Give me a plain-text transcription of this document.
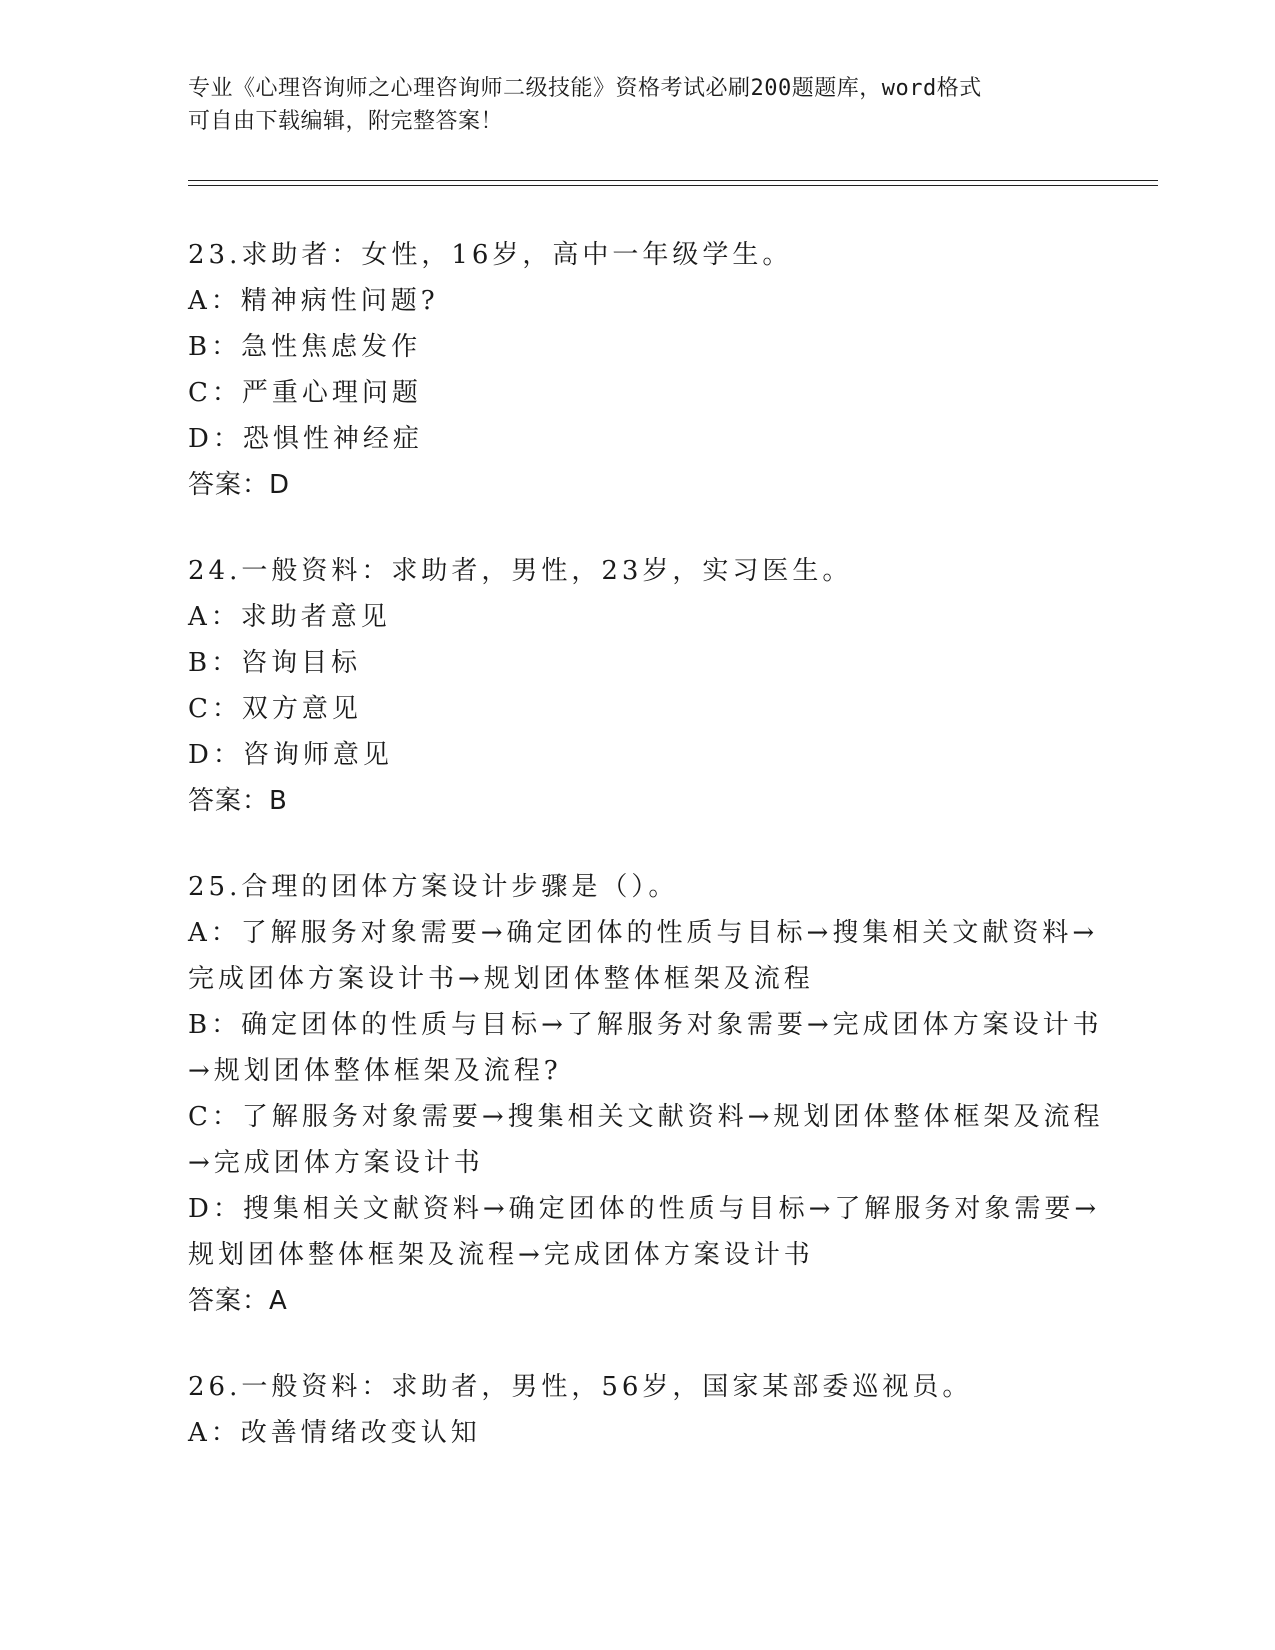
专业《心理咨询师之心理咨询师二级技能》资格考试必刷200题题库，word格式
可自由下载编辑，附完整答案！
23.求助者：女性，16岁，高中一年级学生。
A：精神病性问题?
B：急性焦虑发作
C：严重心理问题
D：恐惧性神经症
答案：D
24.一般资料：求助者，男性，23岁，实习医生。
A：求助者意见
B：咨询目标
C：双方意见
D：咨询师意见
答案：B
25.合理的团体方案设计步骤是（）。
A：了解服务对象需要→确定团体的性质与目标→搜集相关文献资料→
完成团体方案设计书→规划团体整体框架及流程
B：确定团体的性质与目标→了解服务对象需要→完成团体方案设计书
→规划团体整体框架及流程?
C：了解服务对象需要→搜集相关文献资料→规划团体整体框架及流程
→完成团体方案设计书
D：搜集相关文献资料→确定团体的性质与目标→了解服务对象需要→
规划团体整体框架及流程→完成团体方案设计书
答案：A
26.一般资料：求助者，男性，56岁，国家某部委巡视员。
A：改善情绪改变认知
